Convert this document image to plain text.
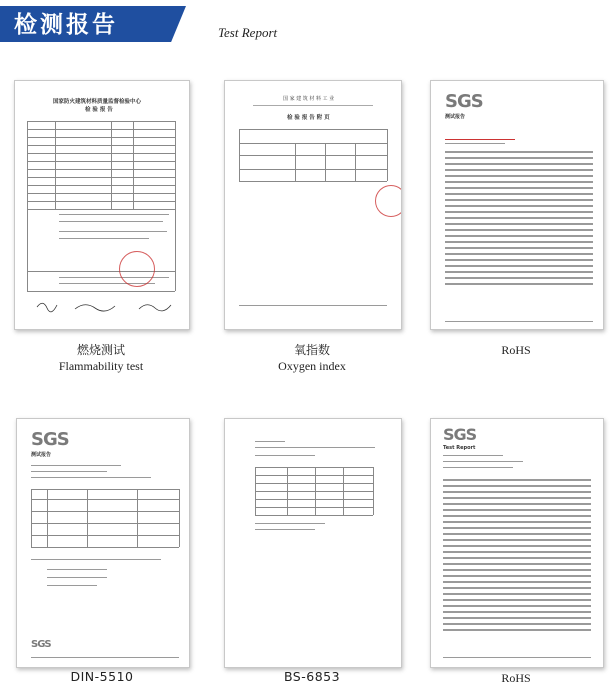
检测报告	Test Report
国家防火建筑材料质量监督检验中心
检 验 报 告
燃烧测试
Flammability test
国 家 建 筑 材 料 工 业
检 验 报 告 附 页
氧指数
Oxygen index
SGS
测试报告
RoHS
SGS
测试报告
SGS
DIN-5510	BS-6853
SGS
Test Report
RoHS
